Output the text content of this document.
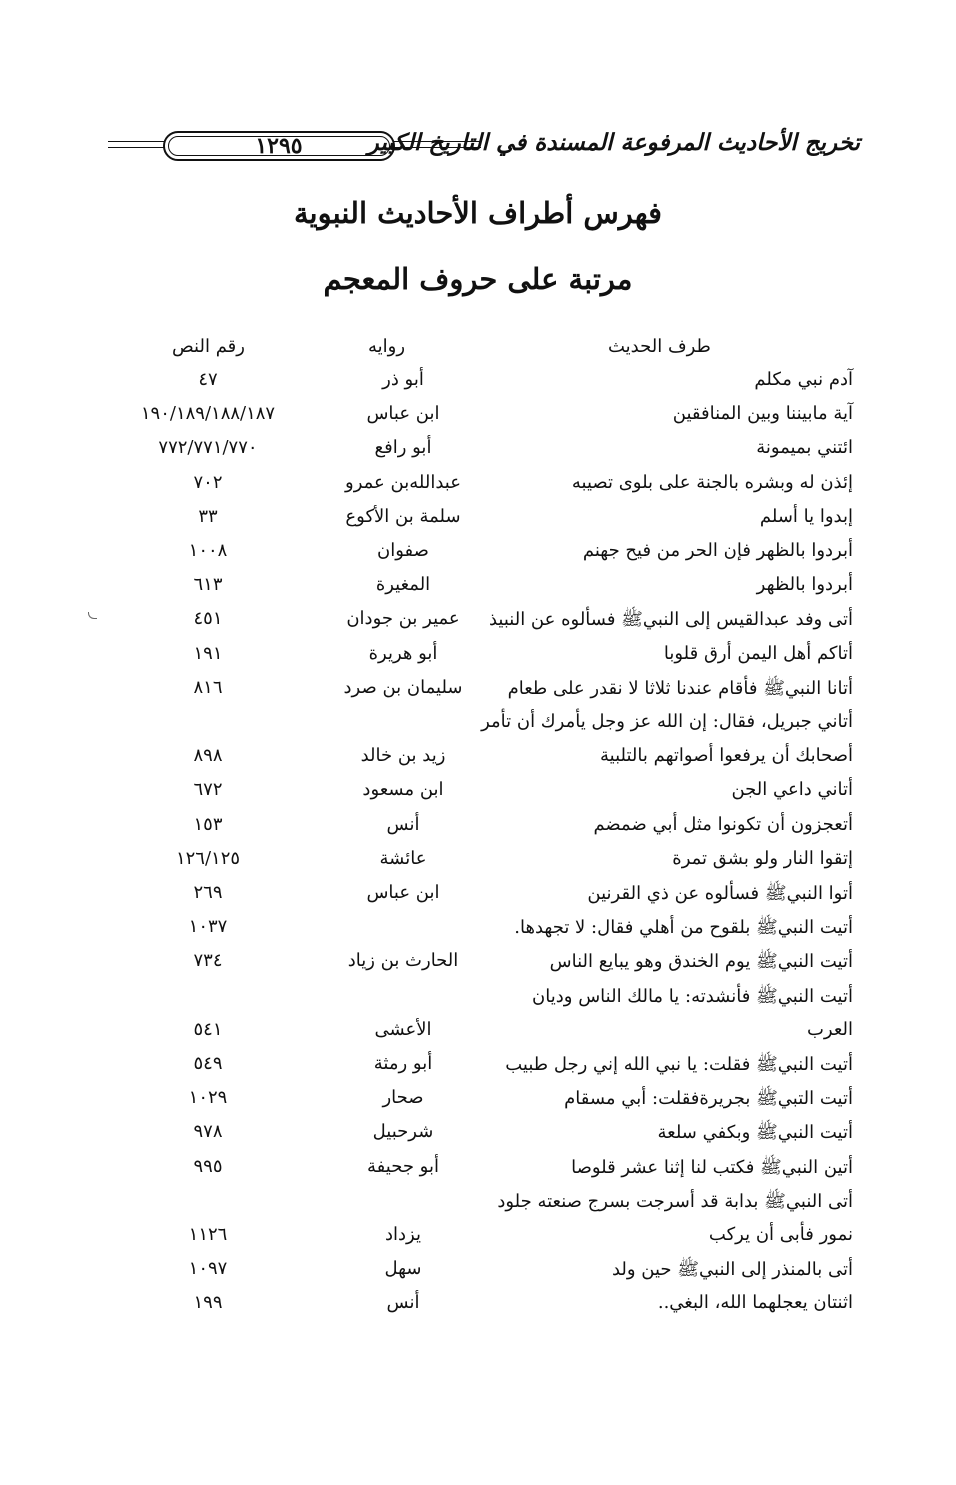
١٢٩٥	تخريج الأحاديث المرفوعة المسندة في التاريخ الكبير
فهرس أطراف الأحاديث النبوية
مرتبة على حروف المعجم
طرف الحديث
روايه
رقم النص
آدم نبي مكلم
أبو ذر
٤٧
آية مابيننا وبين المنافقين
ابن عباس
١٩٠/١٨٩/١٨٨/١٨٧
ائتني بميمونة
أبو رافع
٧٧٢/٧٧١/٧٧٠
إئذن له وبشره بالجنة على بلوى تصيبه
عبدالله‌بن عمرو
٧٠٢
إبدوا يا أسلم
سلمة بن الأكوع
٣٣
أبردوا بالظهر فإن الحر من فيح جهنم
صفوان
١٠٠٨
أبردوا بالظهر
المغيرة
٦١٣
أتى وفد عبدالقيس إلى النبيﷺ فسألوه عن النبيذ
عمير بن جودان
٤٥١
أتاكم أهل اليمن أرق قلوبا
أبو هريرة
١٩١
أتانا النبيﷺ فأقام عندنا ثلاثا لا نقدر على طعام
سليمان بن صرد
٨١٦
أتاني جبريل، فقال: إن الله عز وجل يأمرك أن تأمر
أصحابك أن يرفعوا أصواتهم بالتلبية
زيد بن خالد
٨٩٨
أتاني داعي الجن
ابن مسعود
٦٧٢
أتعجزون أن تكونوا مثل أبي ضمضم
أنس
١٥٣
إتقوا النار ولو بشق تمرة
عائشة
١٢٦/١٢٥
أتوا النبيﷺ فسألوه عن ذي القرنين
ابن عباس
٢٦٩
أتيت النبيﷺ بلقوح من أهلي فقال: لا تجهدها.
١٠٣٧
أتيت النبيﷺ يوم الخندق وهو يبايع الناس
الحارث بن زياد
٧٣٤
أتيت النبيﷺ فأنشدته: يا مالك الناس وديان
العرب
الأعشى
٥٤١
أتيت النبيﷺ فقلت: يا نبي الله إني رجل طبيب
أبو رمثة
٥٤٩
أتيت التبيﷺ بجريرةفقلت: أبي مسقام
صحار
١٠٢٩
أتيت النبيﷺ وبكفي سلعة
شرحبيل
٩٧٨
أتين النبيﷺ فكتب لنا إثنا عشر قلوصا
أبو جحيفة
٩٩٥
أتى النبيﷺ بدابة قد أسرجت بسرج صنعته جلود
نمور فأبى أن يركب
يزداد
١١٢٦
أتى بالمنذر إلى النبيﷺ حين ولد
سهل
١٠٩٧
اثنتان يعجلهما الله، البغي..
أنس
١٩٩
